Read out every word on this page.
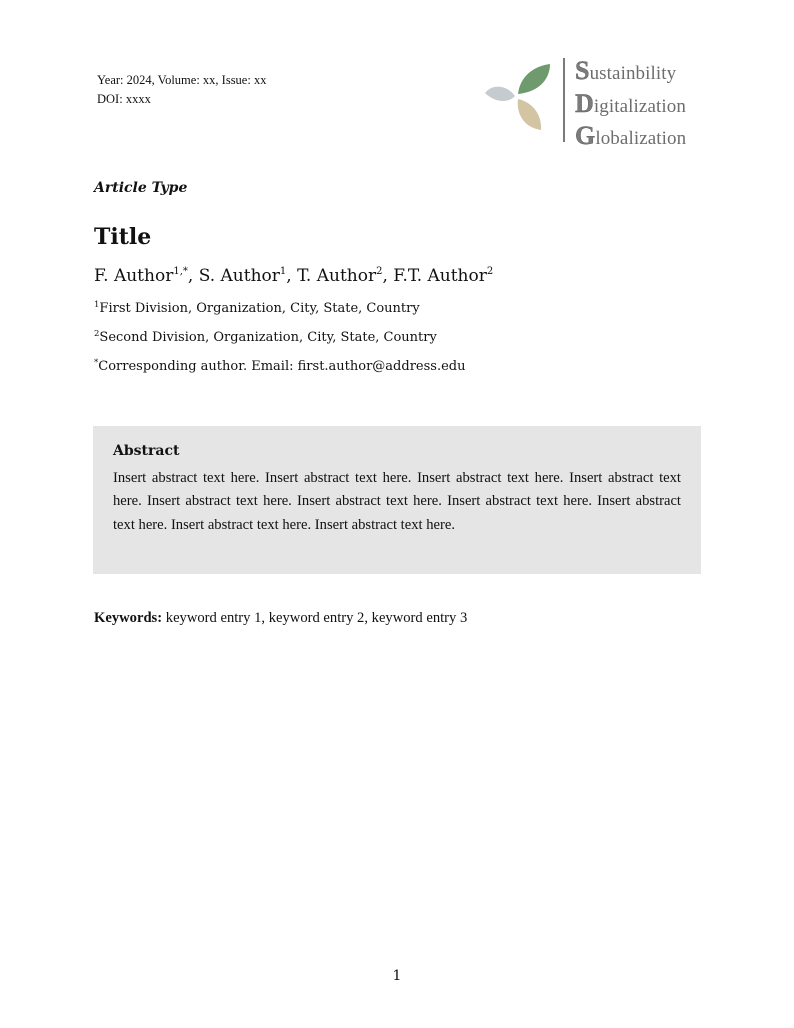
Year: 2024, Volume: xx, Issue: xx
DOI: xxxx
Sustainbility
Digitalization
Globalization
Article Type
Title
F. Author$^{1,*}$, S. Author$^1$, T. Author$^2$, F.T. Author$^2$
$^1$First Division, Organization, City, State, Country
$^2$Second Division, Organization, City, State, Country
*Corresponding author. Email: first.author@address.edu
Abstract
Insert abstract text here. Insert abstract text here. Insert abstract text here. Insert abstract text here. Insert abstract text here. Insert abstract text here. Insert abstract text here. Insert abstract text here. Insert abstract text here. Insert abstract text here.
Keywords: keyword entry 1, keyword entry 2, keyword entry 3
1
